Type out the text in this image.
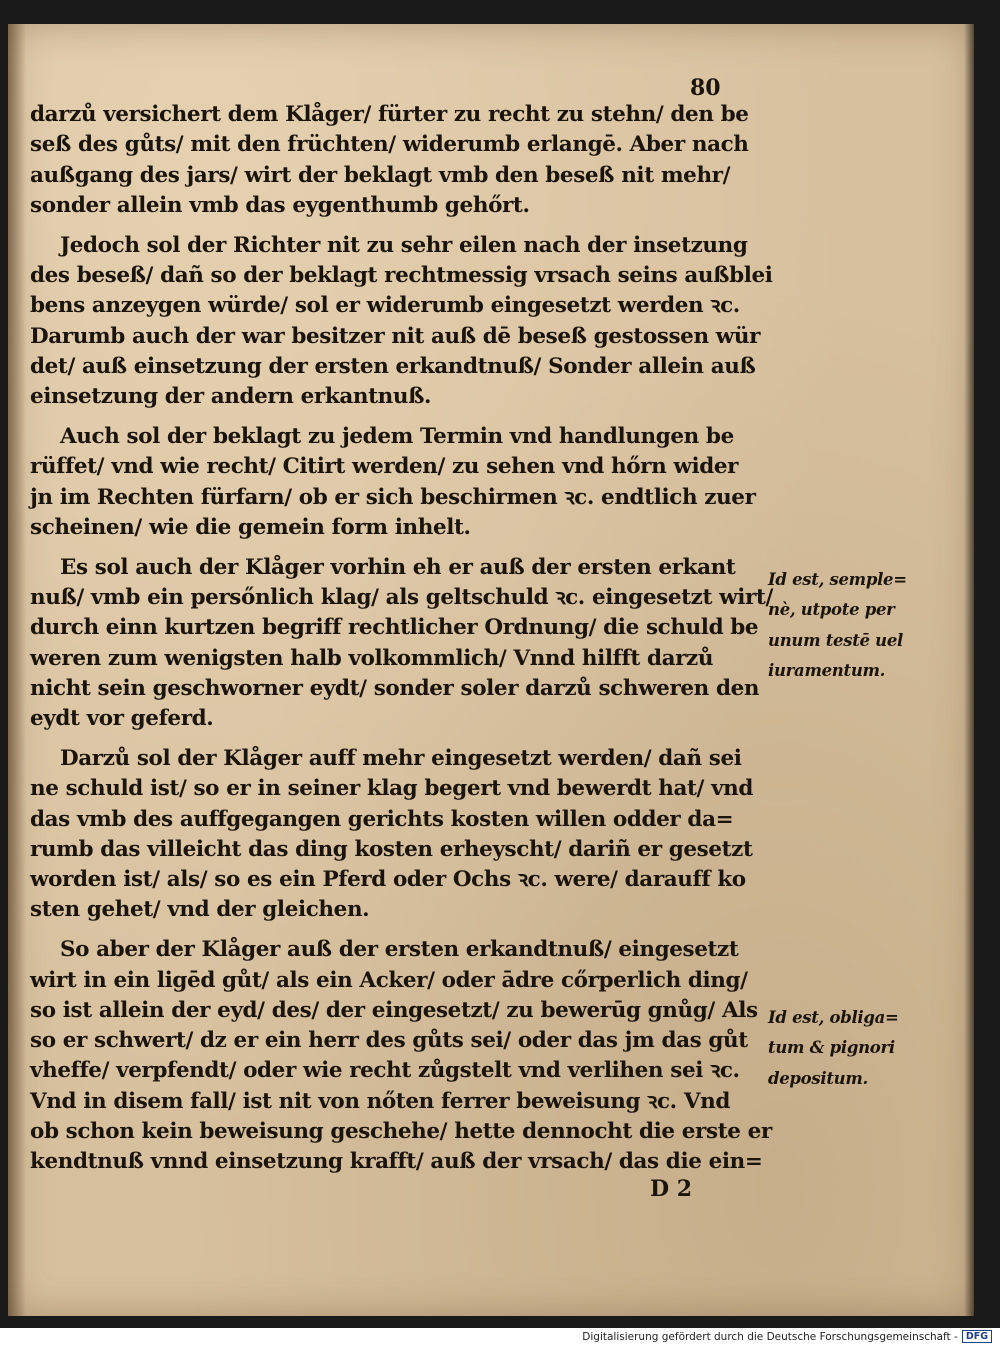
80
darzů versichert dem Klåger/ fürter zu recht zu stehn/ den be
seß des gůts/ mit den früchten/ widerumb erlangē. Aber nach
außgang des jars/ wirt der beklagt vmb den beseß nit mehr/
sonder allein vmb das eygenthumb gehőrt.
Jedoch sol der Richter nit zu sehr eilen nach der insetzung
des beseß/ dañ so der beklagt rechtmessig vrsach seins außblei
bens anzeygen würde/ sol er widerumb eingesetzt werden ꝛc.
Darumb auch der war besitzer nit auß dē beseß gestossen wür
det/ auß einsetzung der ersten erkandtnuß/ Sonder allein auß
einsetzung der andern erkantnuß.
Auch sol der beklagt zu jedem Termin vnd handlungen be
rüffet/ vnd wie recht/ Citirt werden/ zu sehen vnd hőrn wider
jn im Rechten fürfarn/ ob er sich beschirmen ꝛc. endtlich zuer
scheinen/ wie die gemein form inhelt.
Es sol auch der Klåger vorhin eh er auß der ersten erkant
nuß/ vmb ein persőnlich klag/ als geltschuld ꝛc. eingesetzt wirt/
durch einn kurtzen begriff rechtlicher Ordnung/ die schuld be
weren zum wenigsten halb volkommlich/ Vnnd hilfft darzů
nicht sein geschworner eydt/ sonder soler darzů schweren den
eydt vor geferd.
Darzů sol der Klåger auff mehr eingesetzt werden/ dañ sei
ne schuld ist/ so er in seiner klag begert vnd bewerdt hat/ vnd
das vmb des auffgegangen gerichts kosten willen odder da=
rumb das villeicht das ding kosten erheyscht/ dariñ er gesetzt
worden ist/ als/ so es ein Pferd oder Ochs ꝛc. were/ darauff ko
sten gehet/ vnd der gleichen.
So aber der Klåger auß der ersten erkandtnuß/ eingesetzt
wirt in ein ligēd gůt/ als ein Acker/ oder ādre cőrperlich ding/
so ist allein der eyd/ des/ der eingesetzt/ zu bewerūg gnůg/ Als
so er schwert/ dz er ein herr des gůts sei/ oder das jm das gůt
vheffe/ verpfendt/ oder wie recht zůgstelt vnd verlihen sei ꝛc.
Vnd in disem fall/ ist nit von nőten ferrer beweisung ꝛc. Vnd
ob schon kein beweisung geschehe/ hette dennocht die erste er
kendtnuß vnnd einsetzung krafft/ auß der vrsach/ das die ein=
Id est, semple=
nè, utpote per
unum testē uel
iuramentum.
Id est, obliga=
tum & pignori
depositum.
D 2
Digitalisierung gefördert durch die Deutsche Forschungsgemeinschaft - DFG
